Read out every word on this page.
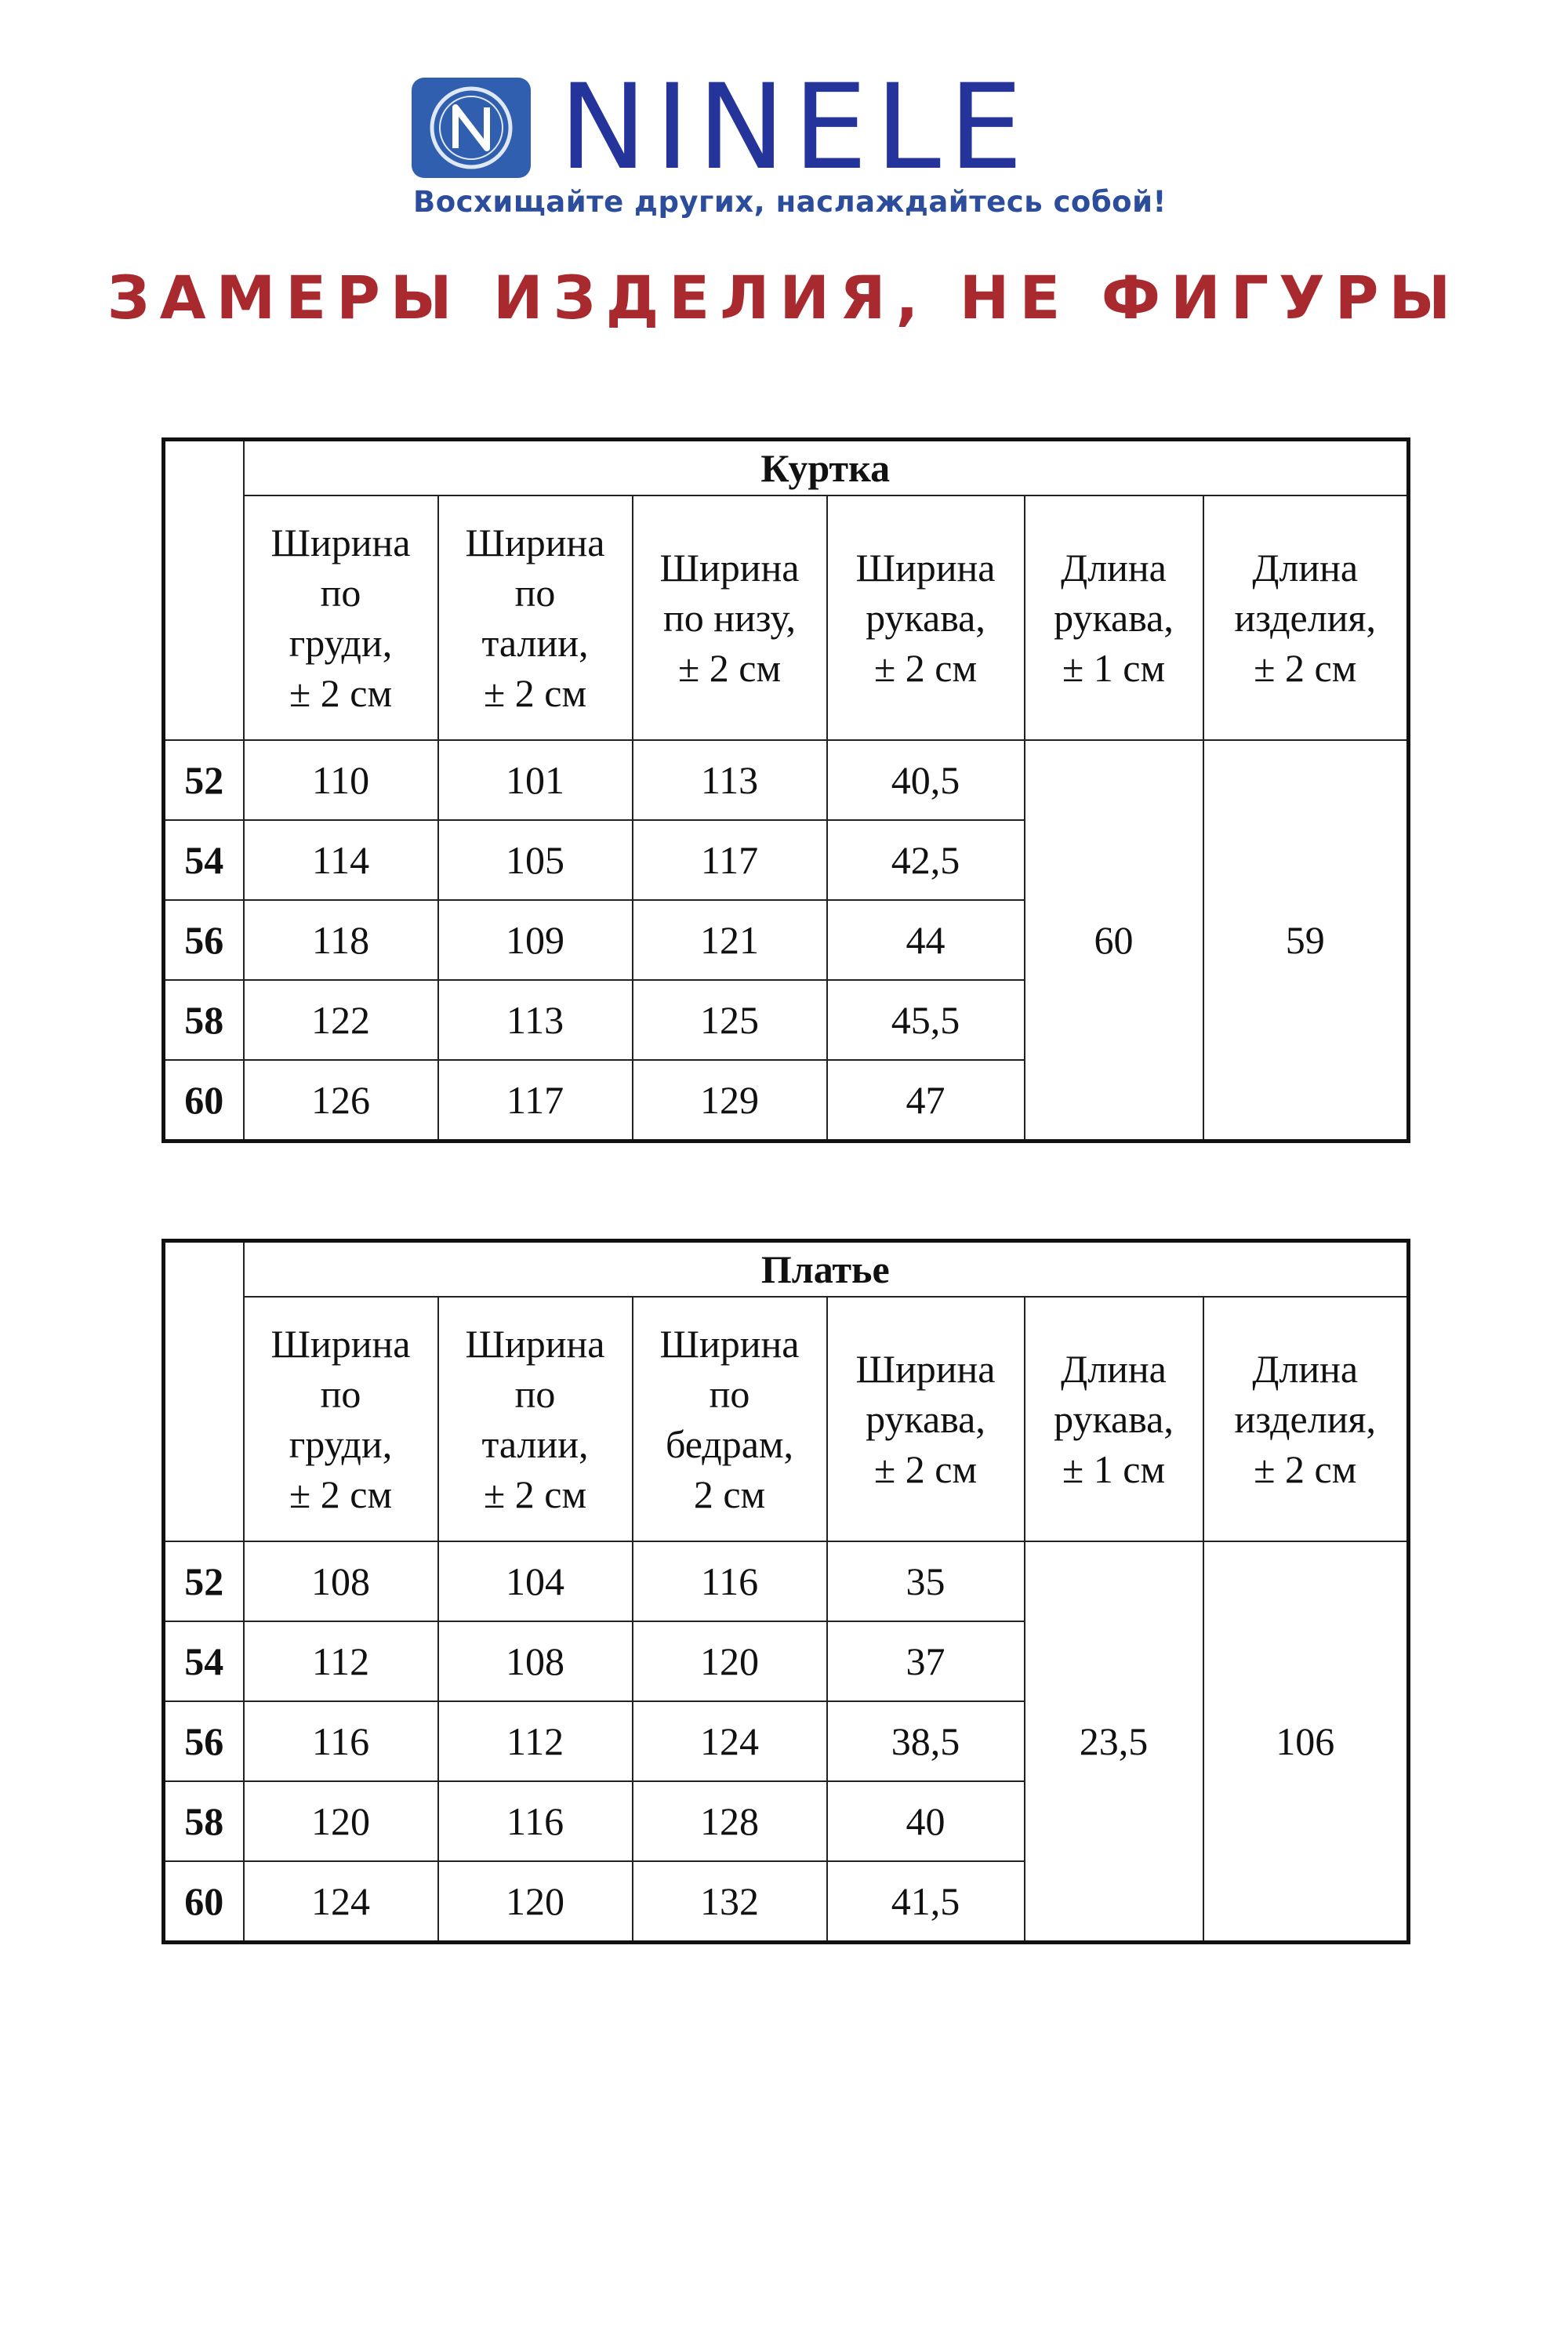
NINELE
Восхищайте других, наслаждайтесь собой!
ЗАМЕРЫ ИЗДЕЛИЯ, НЕ ФИГУРЫ
	Куртка					

	Ширина
по
груди,
± 2 см	Ширина
по
талии,
± 2 см	Ширина
по низу,
± 2 см	Ширина
рукава,
± 2 см	Длина
рукава,
± 1 см	Длина
изделия,
± 2 см

52	110	101	113	40,5	60	59
54	114	105	117	42,5		
56	118	109	121	44		
58	122	113	125	45,5		
60	126	117	129	47		
	Платье					

	Ширина
по
груди,
± 2 см	Ширина
по
талии,
± 2 см	Ширина
по
бедрам,
2 см	Ширина
рукава,
± 2 см	Длина
рукава,
± 1 см	Длина
изделия,
± 2 см

52	108	104	116	35	23,5	106
54	112	108	120	37		
56	116	112	124	38,5		
58	120	116	128	40		
60	124	120	132	41,5		
